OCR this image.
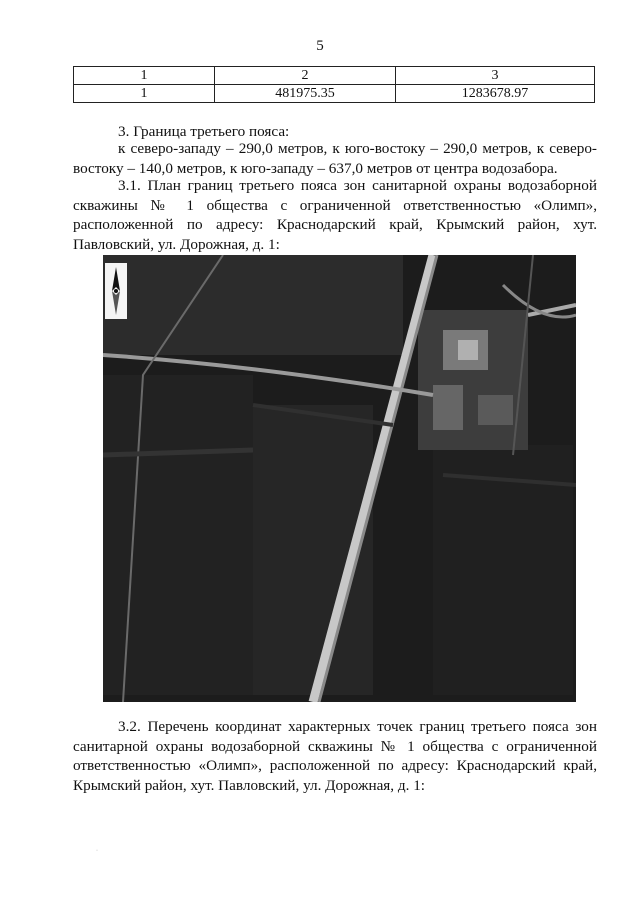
5
1	2	3
1	481975.35	1283678.97
3. Граница третьего пояса:
к северо-западу – 290,0 метров, к юго-востоку – 290,0 метров, к северо-востоку – 140,0 метров, к юго-западу – 637,0 метров от центра водозабора.
3.1. План границ третьего пояса зон санитарной охраны водозаборной скважины № 1 общества с ограниченной ответственностью «Олимп», расположенной по адресу: Краснодарский край, Крымский район, хут. Павловский, ул. Дорожная, д. 1:
3.2. Перечень координат характерных точек границ третьего пояса зон санитарной охраны водозаборной скважины № 1 общества с ограниченной ответственностью «Олимп», расположенной по адресу: Краснодарский край, Крымский район, хут. Павловский, ул. Дорожная, д. 1:
·
